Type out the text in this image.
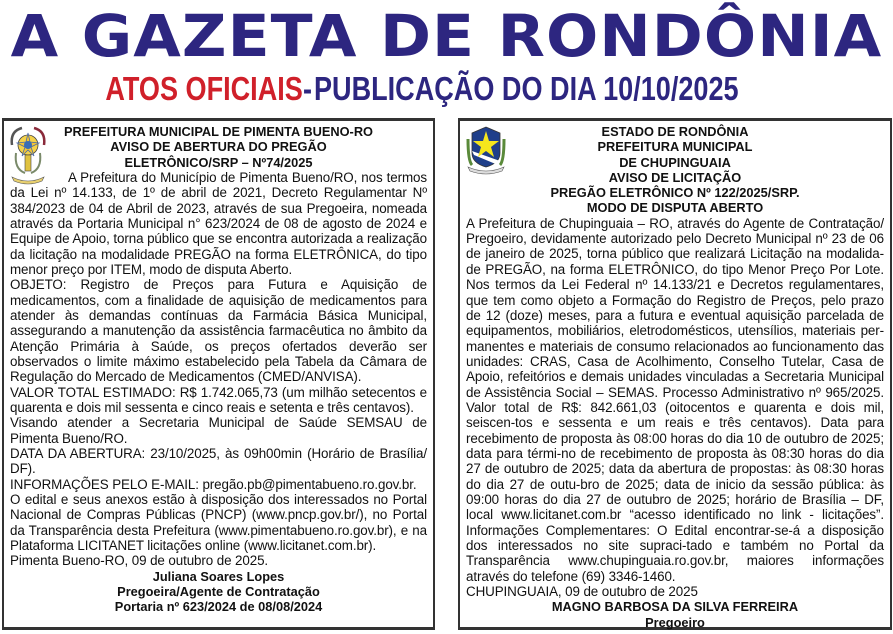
A GAZETA DE RONDÔNIA
ATOS OFICIAIS-PUBLICAÇÃO DO DIA 10/10/2025
PREFEITURA MUNICIPAL DE PIMENTA BUENO-RO
AVISO DE ABERTURA DO PREGÃO
ELETRÔNICO/SRP – Nº74/2025

A Prefeitura do Município de Pimenta Bueno/RO, nos termos da Lei nº 14.133, de 1º de abril de 2021, Decreto Regulamentar Nº 384/2023 de 04 de Abril de 2023, através de sua Pregoeira, nomeada através da Portaria Municipal n° 623/2024 de 08 de agosto de 2024 e Equipe de Apoio, torna público que se encontra autorizada a realização da licitação na modalidade PREGÃO na forma ELETRÔNICA, do tipo menor preço por ITEM, modo de disputa Aberto.

OBJETO: Registro de Preços para Futura e Aquisição de medicamentos, com a finalidade de aquisição de medicamentos para atender às demandas contínuas da Farmácia Básica Municipal, assegurando a manutenção da assistência farmacêutica no âmbito da Atenção Primária à Saúde, os preços ofertados deverão ser observados o limite máximo estabelecido pela Tabela da Câmara de Regulação do Mercado de Medicamentos (CMED/ANVISA).

VALOR TOTAL ESTIMADO: R$ 1.742.065,73 (um milhão setecentos e quarenta e dois mil sessenta e cinco reais e setenta e três centavos).

Visando atender a Secretaria Municipal de Saúde SEMSAU de Pimenta Bueno/RO.

DATA DA ABERTURA: 23/10/2025, às 09h00min (Horário de Brasília/ DF).

INFORMAÇÕES PELO E-MAIL: pregão.pb@pimentabueno.ro.gov.br.

O edital e seus anexos estão à disposição dos interessados no Portal Nacional de Compras Públicas (PNCP) (www.pncp.gov.br/), no Portal da Transparência desta Prefeitura (www.pimentabueno.ro.gov.br), e na Plataforma LICITANET licitações online (www.licitanet.com.br).

Pimenta Bueno-RO, 09 de outubro de 2025.

Juliana Soares Lopes
Pregoeira/Agente de Contratação
Portaria nº 623/2024 de 08/08/2024
ESTADO DE RONDÔNIA
PREFEITURA MUNICIPAL
DE CHUPINGUAIA
AVISO DE LICITAÇÃO
PREGÃO ELETRÔNICO Nº 122/2025/SRP.
MODO DE DISPUTA ABERTO

A Prefeitura de Chupinguaia – RO, através do Agente de Contratação/ Pregoeiro, devidamente autorizado pelo Decreto Municipal nº 23 de 06 de janeiro de 2025, torna público que realizará Licitação na modalida-de PREGÃO, na forma ELETRÔNICO, do tipo Menor Preço Por Lote. Nos termos da Lei Federal nº 14.133/21 e Decretos regulamentares, que tem como objeto a Formação do Registro de Preços, pelo prazo de 12 (doze) meses, para a futura e eventual aquisição parcelada de equipamentos, mobiliários, eletrodomésticos, utensílios, materiais per-manentes e materiais de consumo relacionados ao funcionamento das unidades: CRAS, Casa de Acolhimento, Conselho Tutelar, Casa de Apoio, refeitórios e demais unidades vinculadas a Secretaria Municipal de Assistência Social – SEMAS. Processo Administrativo nº 965/2025. Valor total de R$: 842.661,03 (oitocentos e quarenta e dois mil, seiscen-tos e sessenta e um reais e três centavos). Data para recebimento de proposta às 08:00 horas do dia 10 de outubro de 2025; data para térmi-no de recebimento de proposta às 08:30 horas do dia 27 de outubro de 2025; data da abertura de propostas: às 08:30 horas do dia 27 de outu-bro de 2025; data de inicio da sessão pública: às 09:00 horas do dia 27 de outubro de 2025; horário de Brasília – DF, local www.licitanet.com.br “acesso identificado no link - licitações”. Informações Complementares: O Edital encontrar-se-á a disposição dos interessados no site supraci-tado e também no Portal da Transparência www.chupinguaia.ro.gov.br, maiores informações através do telefone (69) 3346-1460.

CHUPINGUAIA, 09 de outubro de 2025

MAGNO BARBOSA DA SILVA FERREIRA
Pregoeiro
